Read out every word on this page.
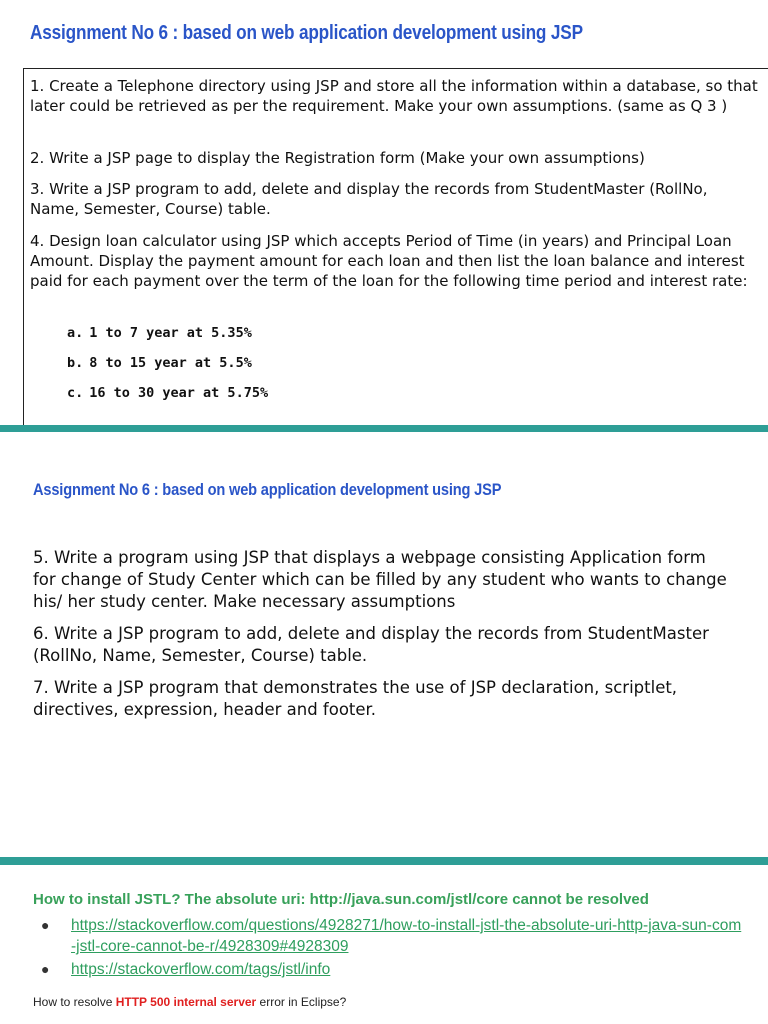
Assignment No 6 : based on web application development using JSP

1. Create a Telephone directory using JSP and store all the information within a database, so that later could be retrieved as per the requirement. Make your own assumptions. (same as Q 3 )

2. Write a JSP page to display the Registration form (Make your own assumptions)

3. Write a JSP program to add, delete and display the records from StudentMaster (RollNo, Name, Semester, Course) table.

4. Design loan calculator using JSP which accepts Period of Time (in years) and Principal Loan Amount. Display the payment amount for each loan and then list the loan balance and interest paid for each payment over the term of the loan for the following time period and interest rate:

a. 1 to 7 year at 5.35%

b. 8 to 15 year at 5.5%

c. 16 to 30 year at 5.75%

Assignment No 6 : based on web application development using JSP

5. Write a program using JSP that displays a webpage consisting Application form for change of Study Center which can be filled by any student who wants to change his/ her study center. Make necessary assumptions

6. Write a JSP program to add, delete and display the records from StudentMaster (RollNo, Name, Semester, Course) table.

7. Write a JSP program that demonstrates the use of JSP declaration, scriptlet, directives, expression, header and footer.

How to install JSTL? The absolute uri: http://java.sun.com/jstl/core cannot be resolved

● https://stackoverflow.com/questions/4928271/how-to-install-jstl-the-absolute-uri-http-java-sun-com-jstl-core-cannot-be-r/4928309#4928309
● https://stackoverflow.com/tags/jstl/info

How to resolve HTTP 500 internal server error in Eclipse?
